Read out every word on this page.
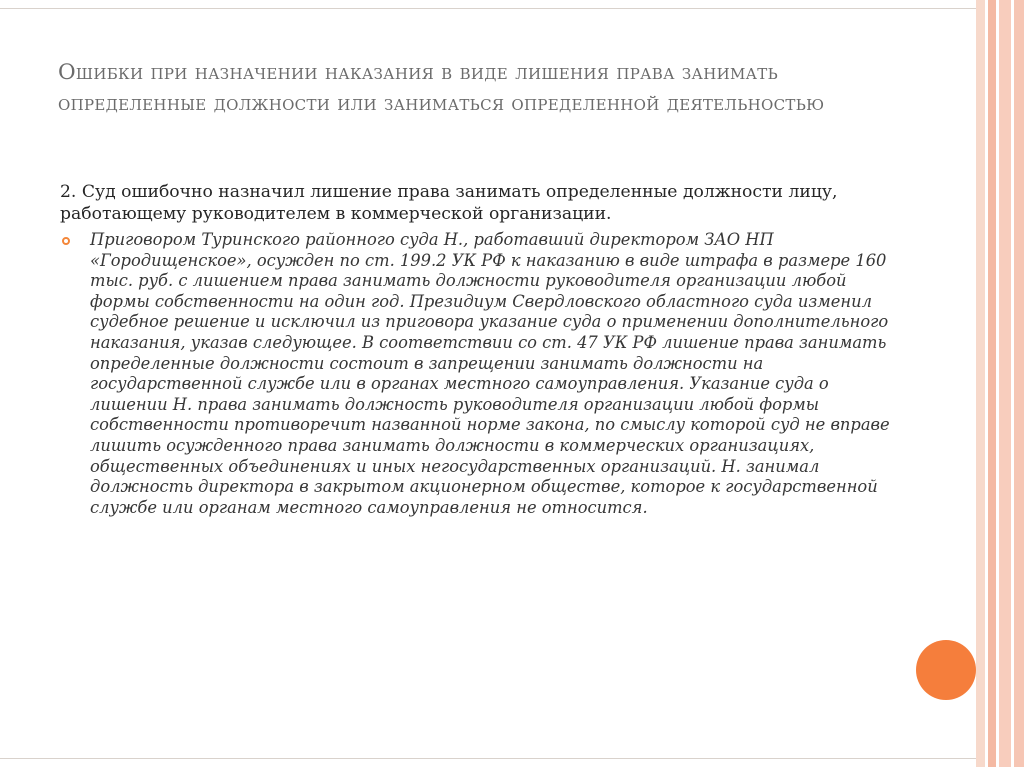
Ошибки при назначении наказания в виде лишения права занимать определенные должности или заниматься определенной деятельностью
2. Суд ошибочно назначил лишение права занимать определенные должности лицу, работающему руководителем в коммерческой организации.
Приговором Туринского районного суда Н., работавший директором ЗАО НП «Городищенское», осужден по ст. 199.2 УК РФ к наказанию в виде штрафа в размере 160 тыс. руб. с лишением права занимать должности руководителя организации любой формы собственности на один год. Президиум Свердловского областного суда изменил судебное решение и исключил из приговора указание суда о применении дополнительного наказания, указав следующее. В соответствии со ст. 47 УК РФ лишение права занимать определенные должности состоит в запрещении занимать должности на государственной службе или в органах местного самоуправления. Указание суда о лишении Н. права занимать должность руководителя организации любой формы собственности противоречит названной норме закона, по смыслу которой суд не вправе лишить осужденного права занимать должности в коммерческих организациях, общественных объединениях и иных негосударственных организаций. Н. занимал должность директора в закрытом акционерном обществе, которое к государственной службе или органам местного самоуправления не относится.
